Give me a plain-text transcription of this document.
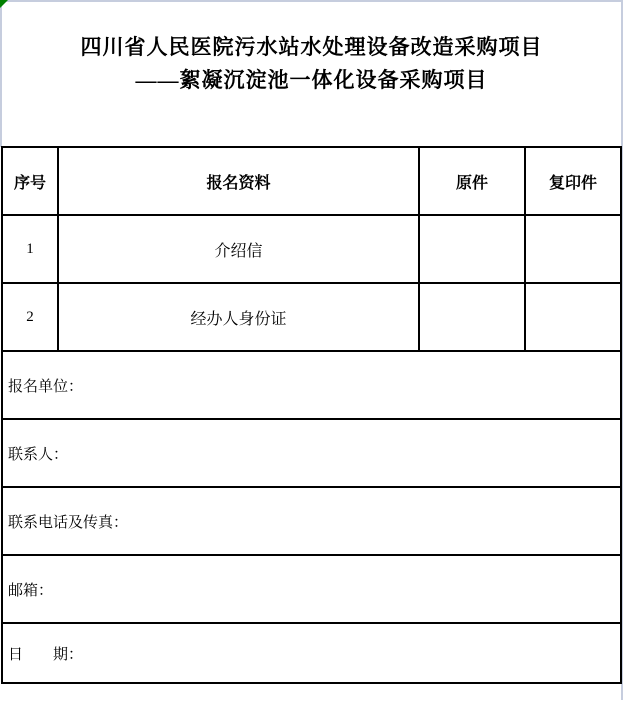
四川省人民医院污水站水处理设备改造采购项目
——絮凝沉淀池一体化设备采购项目
序号	报名资料	原件	复印件
1	介绍信		
2	经办人身份证		
报名单位：			
联系人：			
联系电话及传真：			
邮箱：			
日　　期：			
